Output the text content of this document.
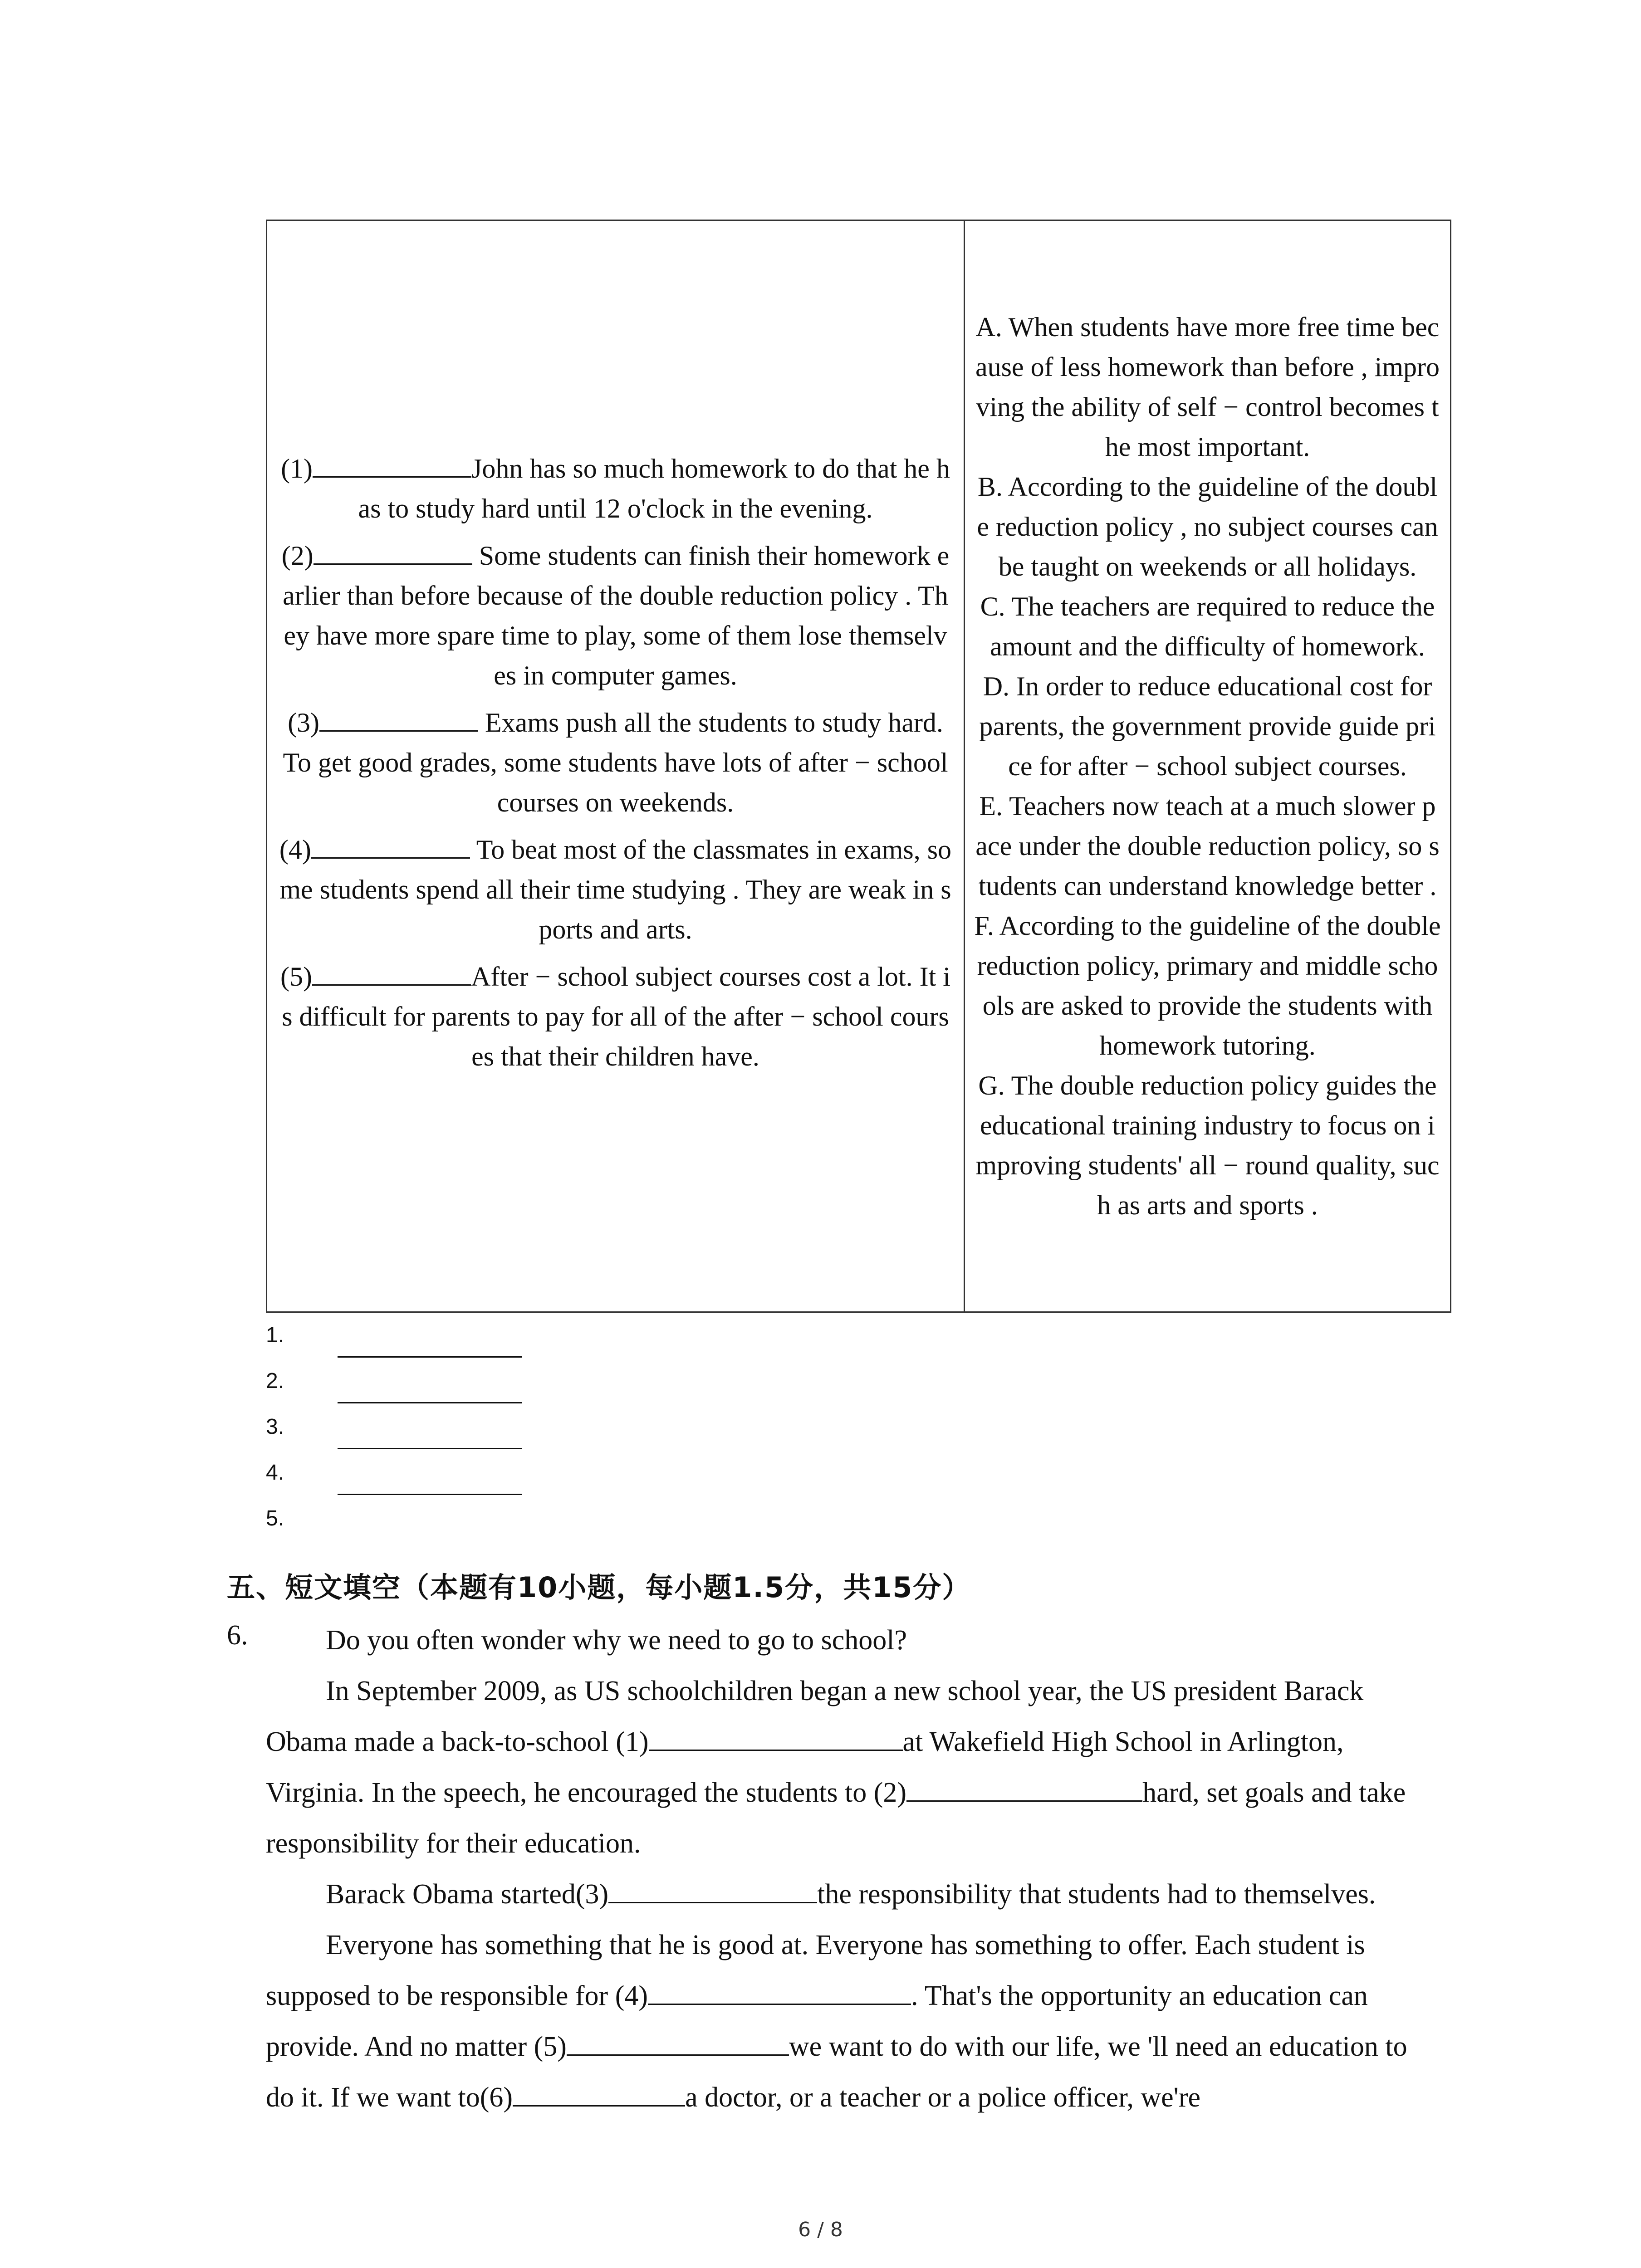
(1)	John has so much homework to do that he has to study hard until 12 o'clock in the evening.
(2)	Some students can finish their homework earlier than before because of the double reduction policy . They have more spare time to play, some of them lose themselves in computer games.
(3)	Exams push all the students to study hard. To get good grades, some students have lots of after − school courses on weekends.
(4)	To beat most of the classmates in exams, some students spend all their time studying . They are weak in sports and arts.
(5)	After − school subject courses cost a lot. It is difficult for parents to pay for all of the after − school courses that their children have.

A. When students have more free time because of less homework than before , improving the ability of self − control becomes the most important.
B. According to the guideline of the double reduction policy , no subject courses can be taught on weekends or all holidays.
C. The teachers are required to reduce the amount and the difficulty of homework.
D. In order to reduce educational cost for parents, the government provide guide price for after − school subject courses.
E. Teachers now teach at a much slower pace under the double reduction policy, so students can understand knowledge better .
F. According to the guideline of the double reduction policy, primary and middle schools are asked to provide the students with homework tutoring.
G. The double reduction policy guides the educational training industry to focus on improving students' all − round quality, such as arts and sports .
1.
2.
3.
4.
5.
五、短文填空（本题有10小题，每小题1.5分，共15分）
6.	Do you often wonder why we need to go to school?

In September 2009, as US schoolchildren began a new school year, the US president Barack Obama made a back-to-school (1)	at Wakefield High School in Arlington, Virginia. In the speech, he encouraged the students to (2)	hard, set goals and take responsibility for their education.

Barack Obama started(3)	the responsibility that students had to themselves.

Everyone has something that he is good at. Everyone has something to offer. Each student is supposed to be responsible for (4)	. That's the opportunity an education can provide. And no matter (5)	we want to do with our life, we 'll need an education to do it. If we want to(6)	a doctor, or a teacher or a police officer, we're

6 / 8
